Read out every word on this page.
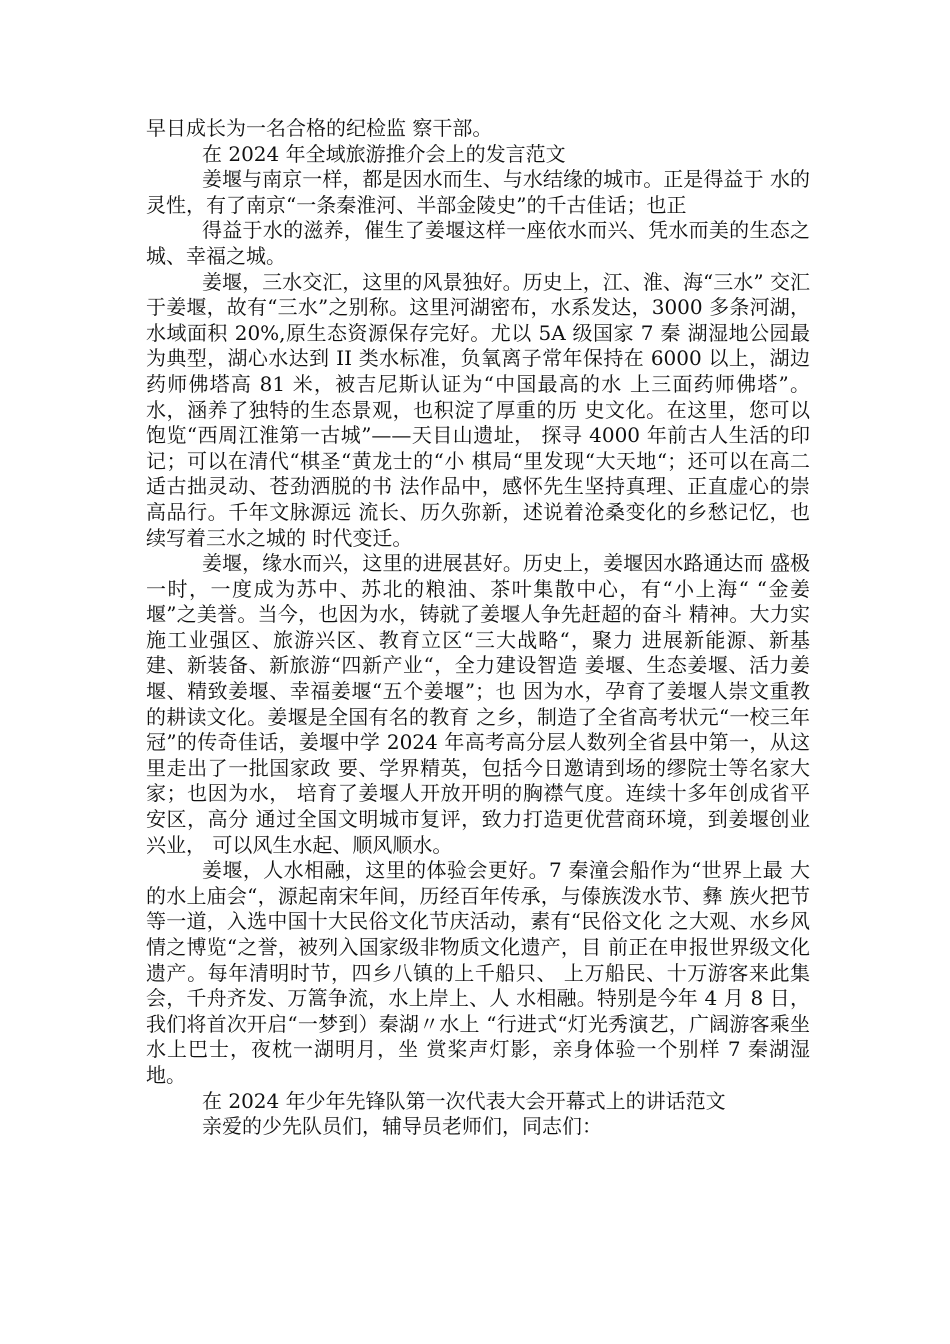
早日成长为一名合格的纪检监 察干部。

在 2024 年全域旅游推介会上的发言范文

姜堰与南京一样，都是因水而生、与水结缘的城市。正是得益于 水的灵性，有了南京“一条秦淮河、半部金陵史”的千古佳话；也正

得益于水的滋养，催生了姜堰这样一座依水而兴、凭水而美的生态之 城、幸福之城。

姜堰，三水交汇，这里的风景独好。历史上，江、淮、海“三水” 交汇于姜堰，故有“三水”之别称。这里河湖密布，水系发达，3000 多条河湖，水域面积 20%,原生态资源保存完好。尤以 5A 级国家 7 秦 湖湿地公园最为典型，湖心水达到 II 类水标准，负氧离子常年保持在 6000 以上，湖边药师佛塔高 81 米，被吉尼斯认证为“中国最高的水 上三面药师佛塔”。水，涵养了独特的生态景观，也积淀了厚重的历 史文化。在这里，您可以饱览“西周江淮第一古城”——天目山遗址， 探寻 4000 年前古人生活的印记；可以在清代“棋圣“黄龙士的“小 棋局“里发现“大天地“；还可以在高二适古拙灵动、苍劲洒脱的书 法作品中，感怀先生坚持真理、正直虚心的崇高品行。千年文脉源远 流长、历久弥新，述说着沧桑变化的乡愁记忆，也续写着三水之城的 时代变迁。

姜堰，缘水而兴，这里的进展甚好。历史上，姜堰因水路通达而 盛极一时，一度成为苏中、苏北的粮油、茶叶集散中心，有“小上海“ “金姜堰”之美誉。当今，也因为水，铸就了姜堰人争先赶超的奋斗 精神。大力实施工业强区、旅游兴区、教育立区“三大战略“，聚力 进展新能源、新基建、新装备、新旅游“四新产业“，全力建设智造 姜堰、生态姜堰、活力姜堰、精致姜堰、幸福姜堰“五个姜堰”；也 因为水，孕育了姜堰人崇文重教的耕读文化。姜堰是全国有名的教育 之乡，制造了全省高考状元“一校三年冠”的传奇佳话，姜堰中学 2024 年高考高分层人数列全省县中第一，从这里走出了一批国家政 要、学界精英，包括今日邀请到场的缪院士等名家大家；也因为水， 培育了姜堰人开放开明的胸襟气度。连续十多年创成省平安区，高分 通过全国文明城市复评，致力打造更优营商环境，到姜堰创业兴业， 可以风生水起、顺风顺水。

姜堰，人水相融，这里的体验会更好。7 秦潼会船作为“世界上最 大的水上庙会“，源起南宋年间，历经百年传承，与傣族泼水节、彝 族火把节等一道，入选中国十大民俗文化节庆活动，素有“民俗文化 之大观、水乡风情之博览“之誉，被列入国家级非物质文化遗产，目 前正在申报世界级文化遗产。每年清明时节，四乡八镇的上千船只、 上万船民、十万游客来此集会，千舟齐发、万篙争流，水上岸上、人 水相融。特别是今年 4 月 8 日，我们将首次开启“一梦到）秦湖〃水上 “行进式“灯光秀演艺，广阔游客乘坐水上巴士，夜枕一湖明月，坐 赏桨声灯影，亲身体验一个别样 7 秦湖湿地。

在 2024 年少年先锋队第一次代表大会开幕式上的讲话范文

亲爱的少先队员们，辅导员老师们，同志们：
